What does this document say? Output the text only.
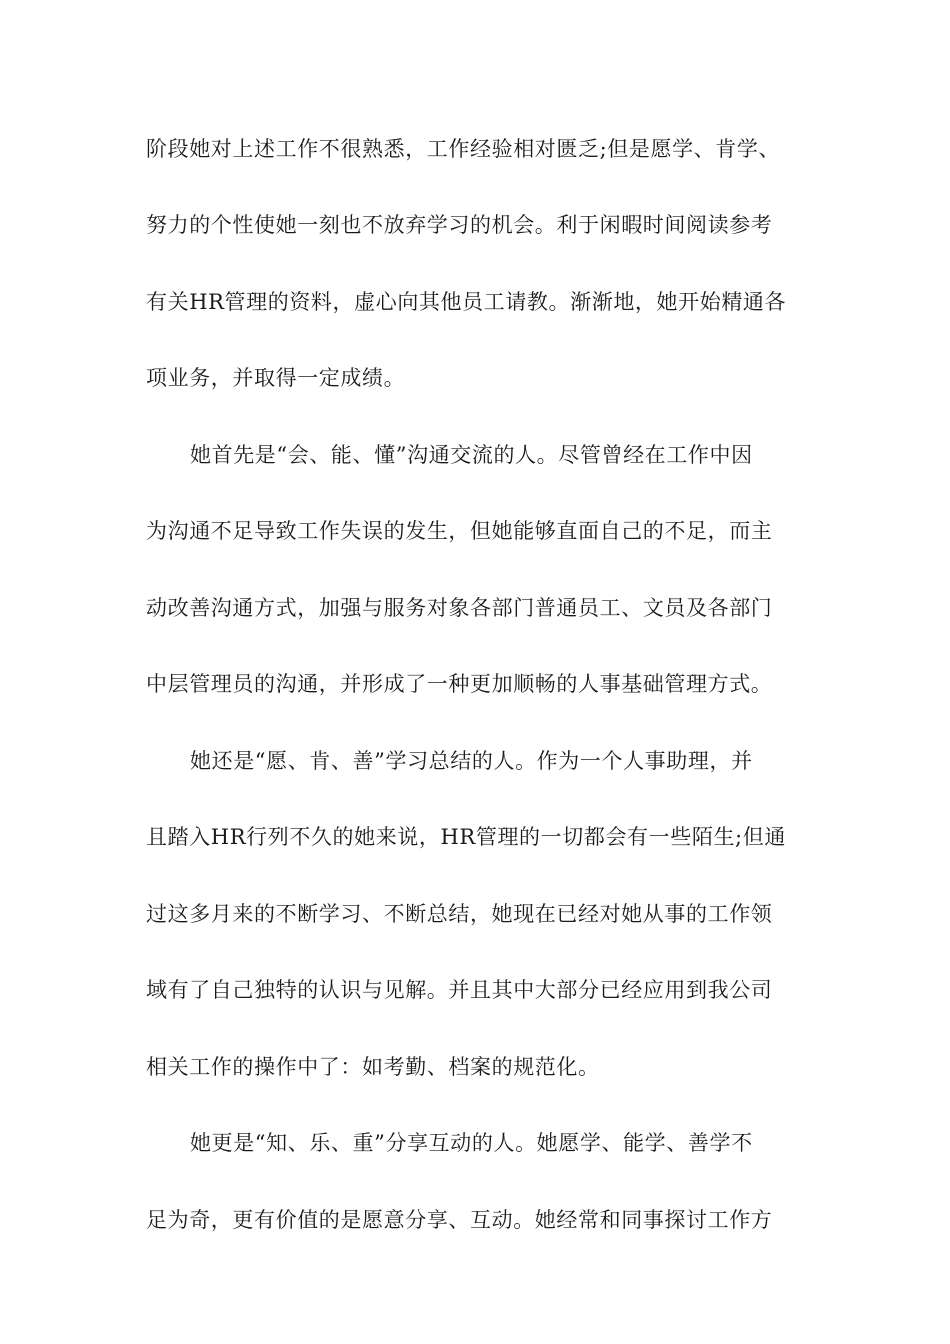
阶段她对上述工作不很熟悉，工作经验相对匮乏;但是愿学、肯学、
努力的个性使她一刻也不放弃学习的机会。利于闲暇时间阅读参考
有关HR管理的资料，虚心向其他员工请教。渐渐地，她开始精通各
项业务，并取得一定成绩。
她首先是“会、能、懂”沟通交流的人。尽管曾经在工作中因
为沟通不足导致工作失误的发生，但她能够直面自己的不足，而主
动改善沟通方式，加强与服务对象各部门普通员工、文员及各部门
中层管理员的沟通，并形成了一种更加顺畅的人事基础管理方式。
她还是“愿、肯、善”学习总结的人。作为一个人事助理，并
且踏入HR行列不久的她来说，HR管理的一切都会有一些陌生;但通
过这多月来的不断学习、不断总结，她现在已经对她从事的工作领
域有了自己独特的认识与见解。并且其中大部分已经应用到我公司
相关工作的操作中了：如考勤、档案的规范化。
她更是“知、乐、重”分享互动的人。她愿学、能学、善学不
足为奇，更有价值的是愿意分享、互动。她经常和同事探讨工作方
